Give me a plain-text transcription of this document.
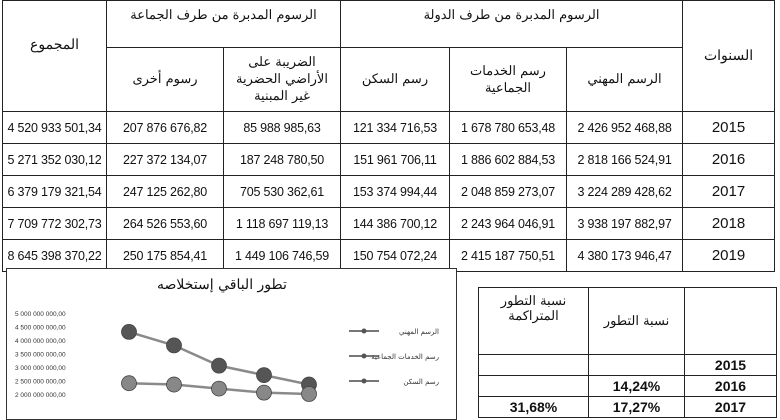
المجموع	الرسوم المدبرة من طرف الجماعة		الرسوم المدبرة من طرف الدولة			السنوات
	رسوم أخرى	الضريبة على الأراضي الحضرية غير المبنية	رسم السكن	رسم الخدمات الجماعية	الرسم المهني	
4 520 933 501,34	207 876 676,82	85 988 985,63	121 334 716,53	1 678 780 653,48	2 426 952 468,88	2015
5 271 352 030,12	227 372 134,07	187 248 780,50	151 961 706,11	1 886 602 884,53	2 818 166 524,91	2016
6 379 179 321,54	247 125 262,80	705 530 362,61	153 374 994,44	2 048 859 273,07	3 224 289 428,62	2017
7 709 772 302,73	264 526 553,60	1 118 697 119,13	144 386 700,12	2 243 964 046,91	3 938 197 882,97	2018
8 645 398 370,22	250 175 854,41	1 449 106 746,59	150 754 072,24	2 415 187 750,51	4 380 173 946,47	2019
5 000 000 000,00
4 500 000 000,00
4 000 000 000,00
3 500 000 000,00
3 000 000 000,00
2 500 000 000,00
2 000 000 000,00
الرسم المهني
رسم الخدمات الجماعية
رسم السكن
تطور الباقي إستخلاصه
نسبة التطور المتراكمة	نسبة التطور	
		2015
	14,24%	2016
31,68%	17,27%	2017
